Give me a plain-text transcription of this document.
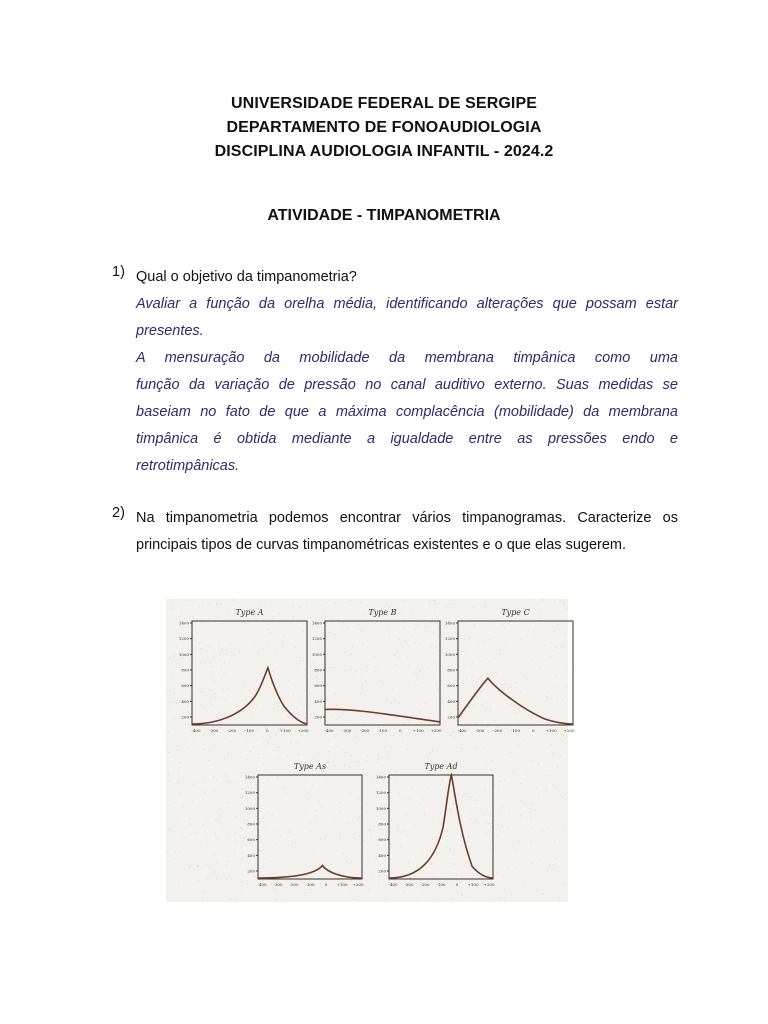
UNIVERSIDADE FEDERAL DE SERGIPE
DEPARTAMENTO DE FONOAUDIOLOGIA
DISCIPLINA AUDIOLOGIA INFANTIL - 2024.2
ATIVIDADE - TIMPANOMETRIA
1) Qual o objetivo da timpanometria?
Avaliar a função da orelha média, identificando alterações que possam estar
presentes.
A mensuração da mobilidade da membrana timpânica como uma
função da variação de pressão no canal auditivo externo. Suas medidas se
baseiam no fato de que a máxima complacência (mobilidade) da membrana
timpânica é obtida mediante a igualdade entre as pressões endo e
retrotimpânicas.
2) Na timpanometria podemos encontrar vários timpanogramas. Caracterize os
principais tipos de curvas timpanométricas existentes e o que elas sugerem.
Type A
1400
1200
1000
800
600
400
200
-400 -300 -200 -100	0	+100 +200
Type B
1400
1200
1000
800
600
400
200
-400 -300 -200 -100	0	+100 +200
Type C
1400
1200
1000
800
600
400
200
-400 -300 -200 -100	0	+100 +200
Type As
1400
1200
1000
800
600
400
200
-400 -300 -200 -100	0 +100 +200
Type Ad
1400
1200
1000
800
600
400
200
-400 -300 -200 -100	0 +100 +200
